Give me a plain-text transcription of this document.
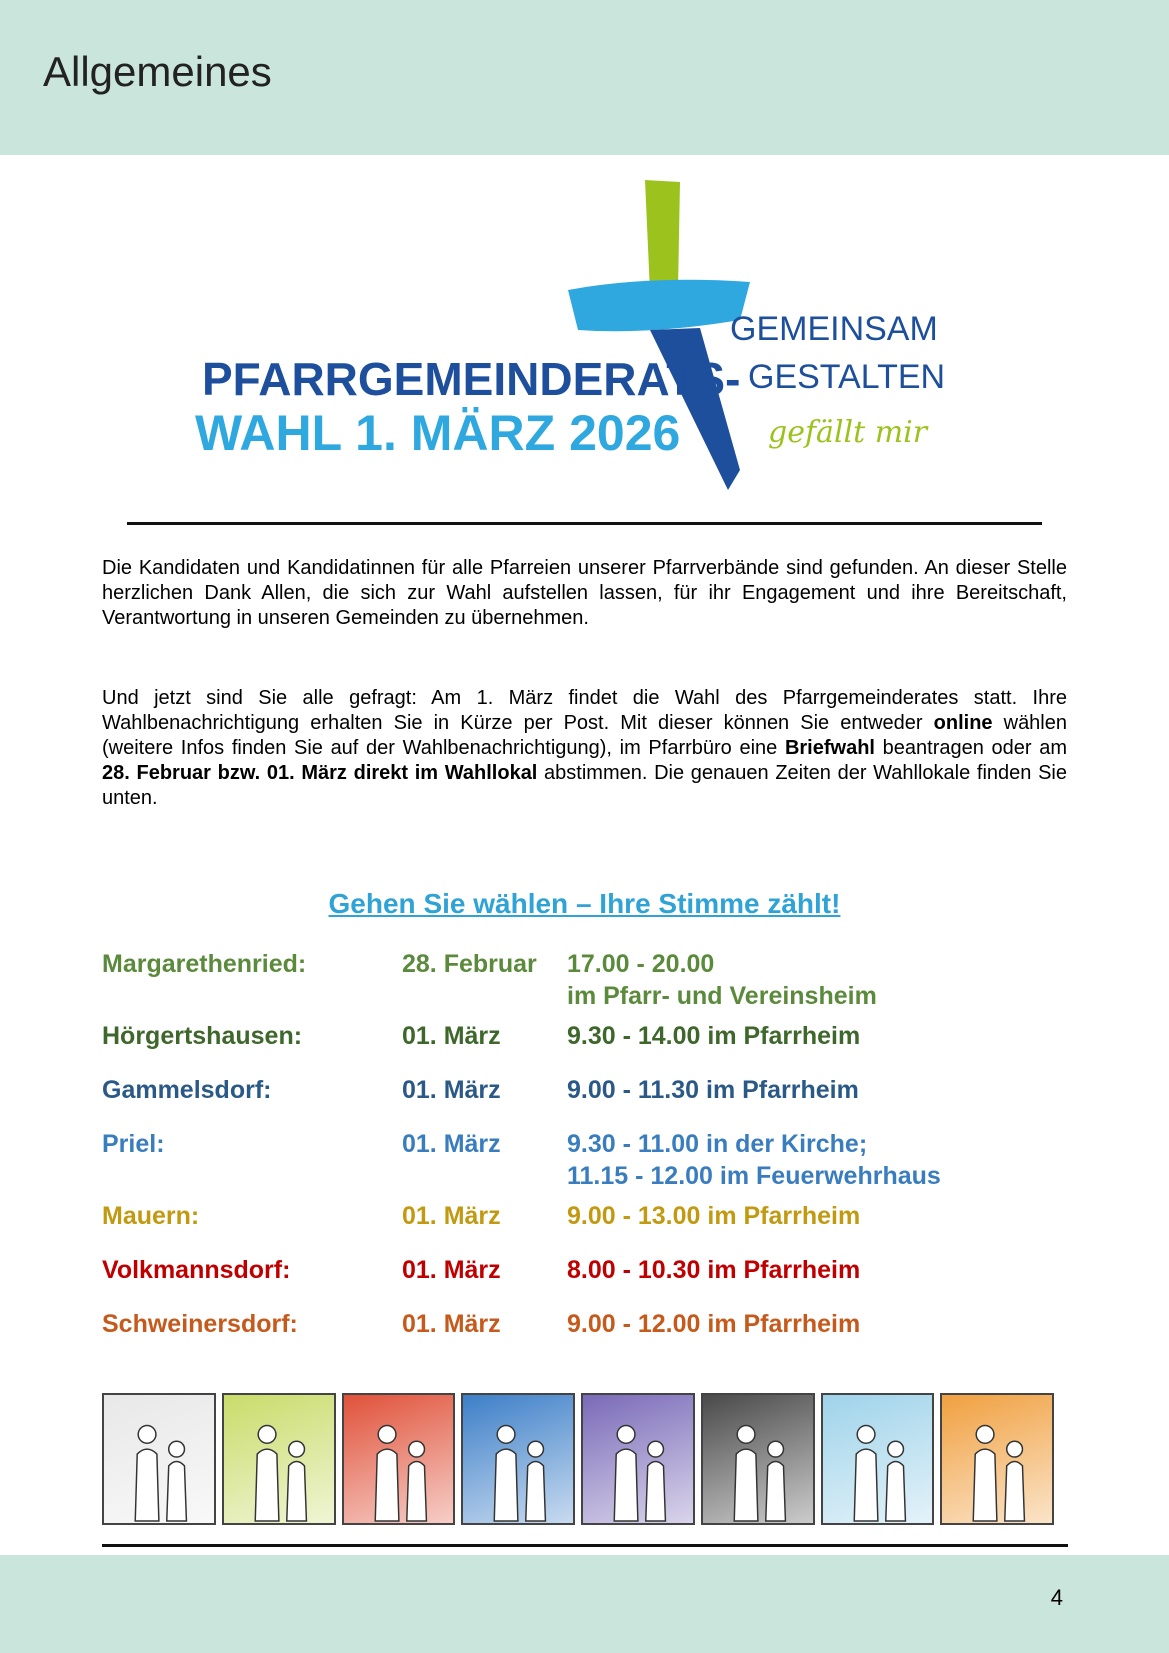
Allgemeines
PFARRGEMEINDERATS-
WAHL 1. MÄRZ 2026
GEMEINSAM
GESTALTEN
gefällt mir

Die Kandidaten und Kandidatinnen für alle Pfarreien unserer Pfarrverbände sind gefunden. An dieser Stelle herzlichen Dank Allen, die sich zur Wahl aufstellen lassen, für ihr Engagement und ihre Bereitschaft, Verantwortung in unseren Gemeinden zu übernehmen.

Und jetzt sind Sie alle gefragt: Am 1. März findet die Wahl des Pfarrgemeinderates statt. Ihre Wahlbenachrichtigung erhalten Sie in Kürze per Post. Mit dieser können Sie entweder online wählen (weitere Infos finden Sie auf der Wahlbenachrichtigung), im Pfarrbüro eine Briefwahl beantragen oder am 28. Februar bzw. 01. März direkt im Wahllokal abstimmen. Die genauen Zeiten der Wahllokale finden Sie unten.

Gehen Sie wählen – Ihre Stimme zählt!
Margarethenried:	28. Februar 17.00 - 20.00
im Pfarr- und Vereinsheim
Hörgertshausen:	01. März	9.30 - 14.00 im Pfarrheim
Gammelsdorf:	01. März	9.00 - 11.30 im Pfarrheim
Priel:	01. März	9.30 - 11.00 in der Kirche;
11.15 - 12.00 im Feuerwehrhaus
Mauern:	01. März	9.00 - 13.00 im Pfarrheim
Volkmannsdorf:	01. März	8.00 - 10.30 im Pfarrheim
Schweinersdorf:	01. März	9.00 - 12.00 im Pfarrheim
4
